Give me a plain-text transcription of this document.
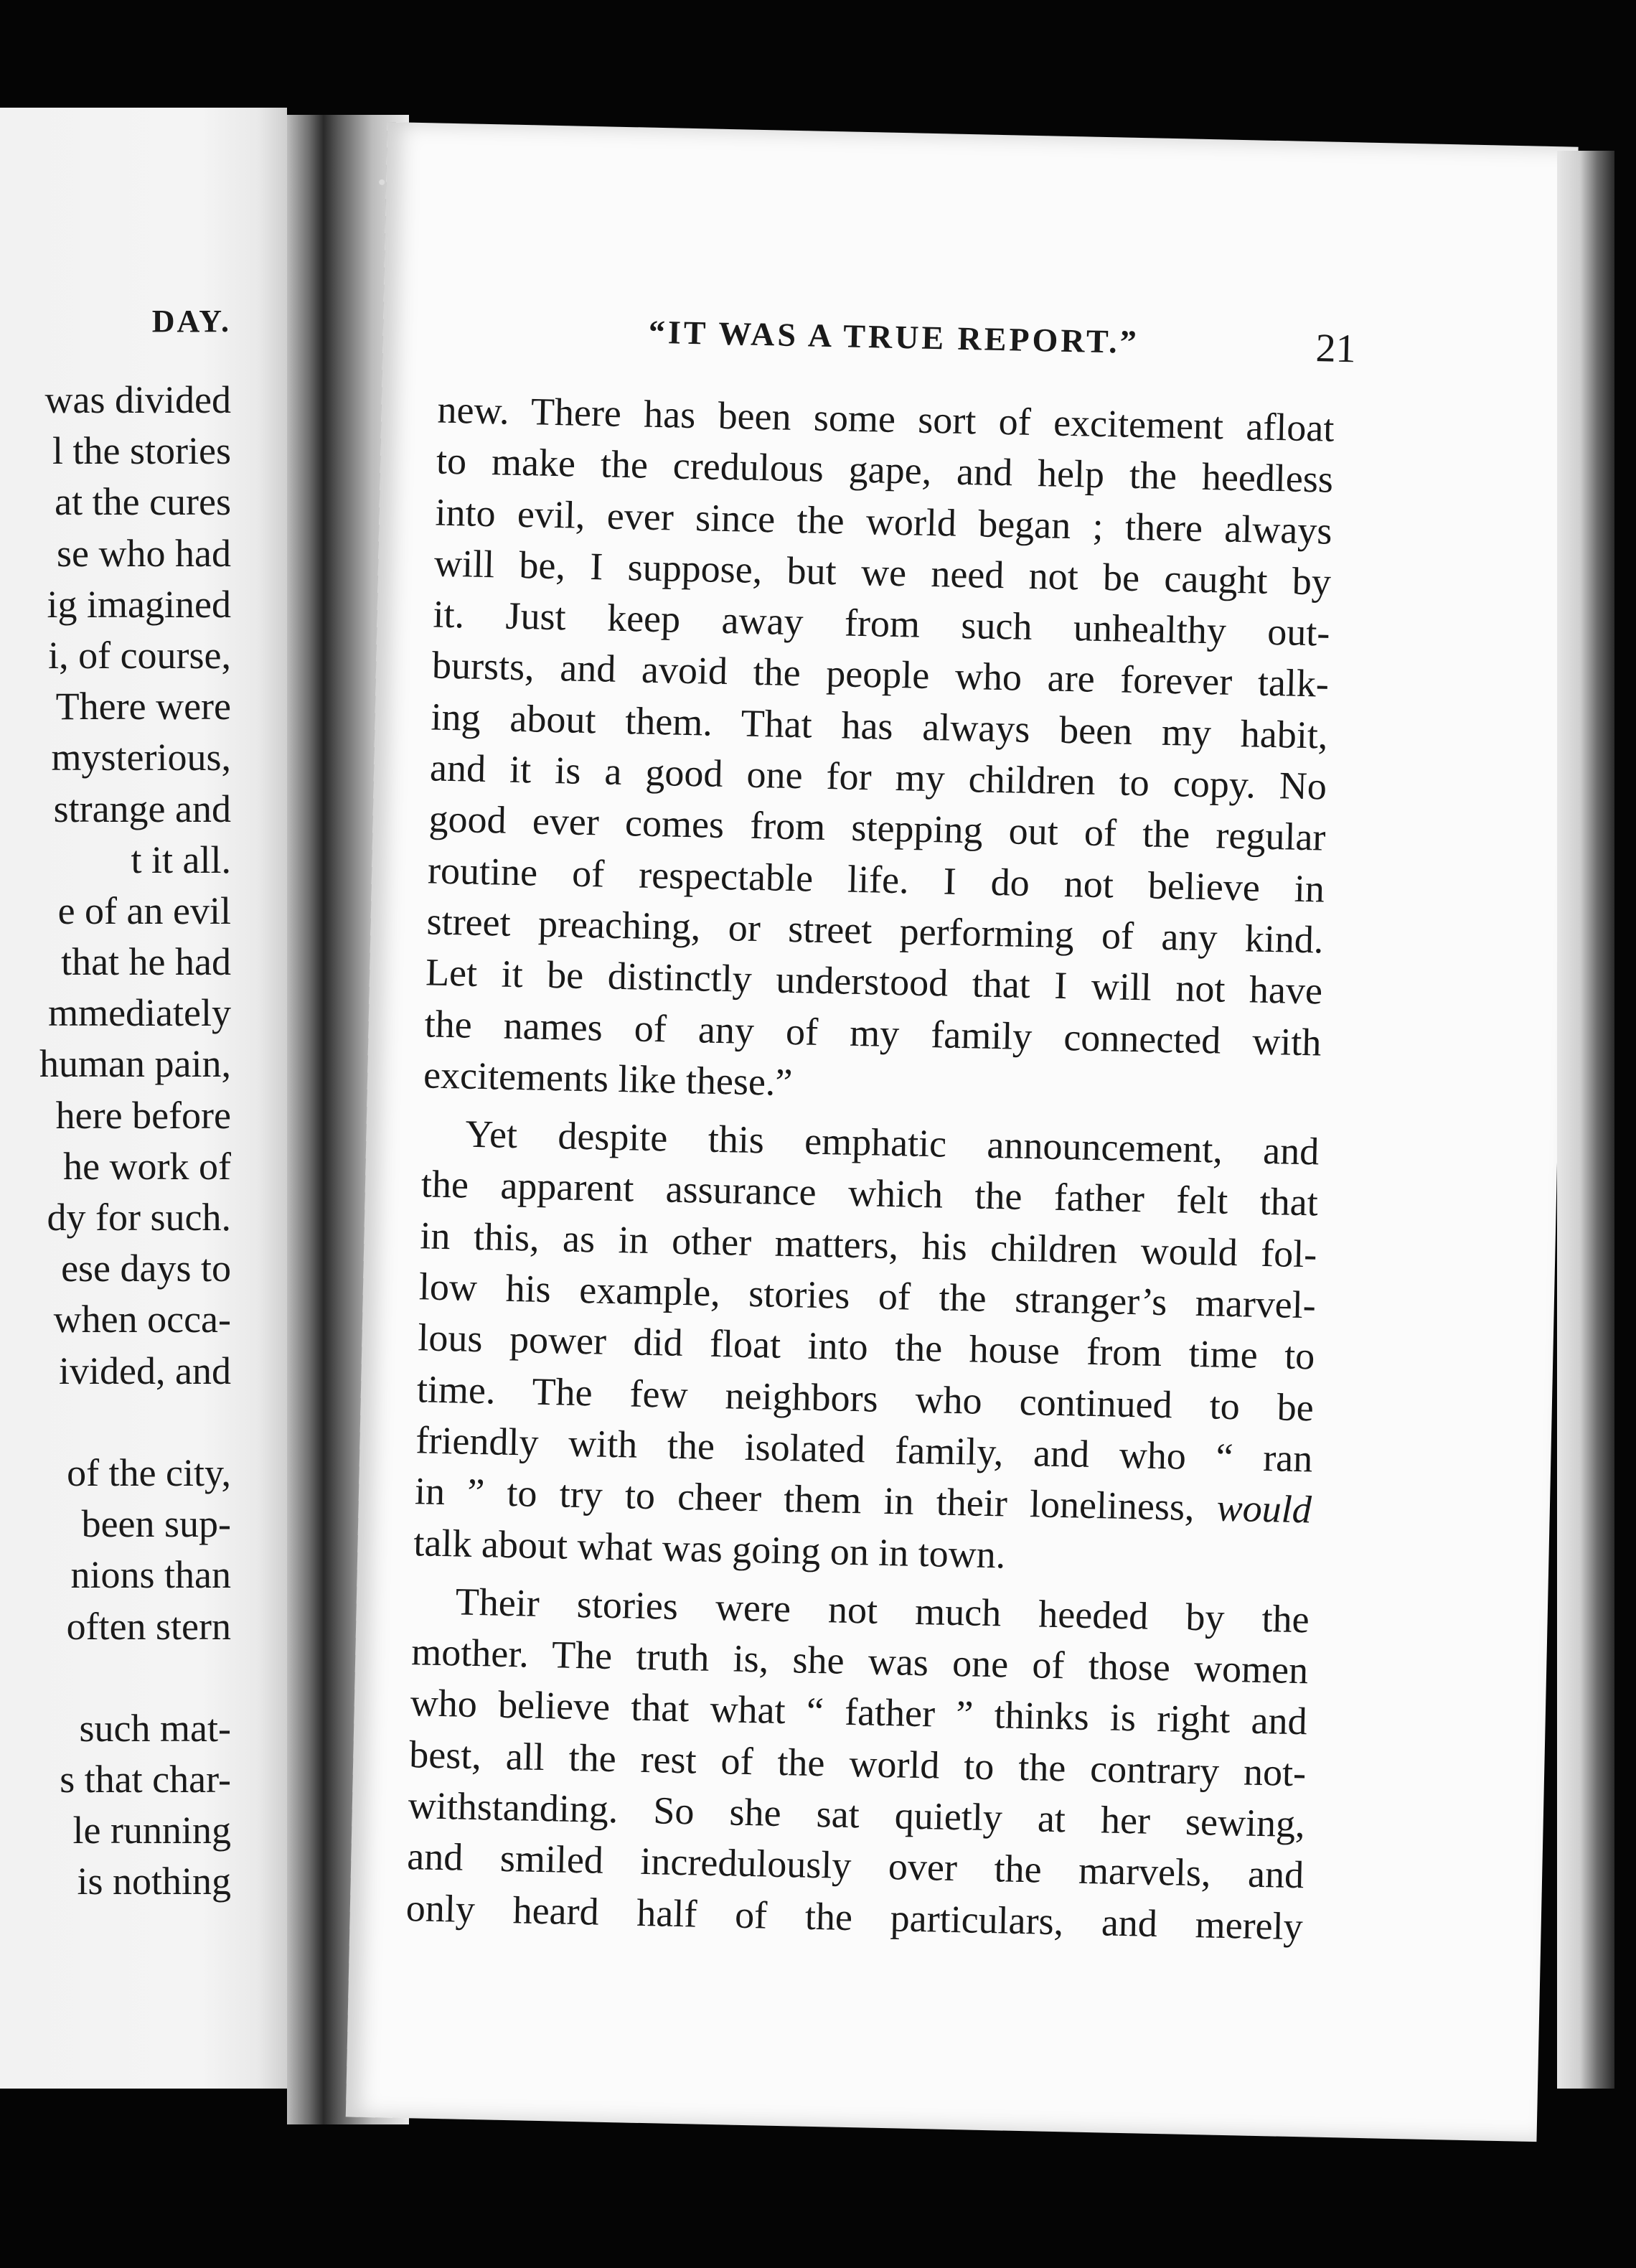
DAY.
was divided
l the stories
at the cures
se who had
ig imagined
i, of course,
There were
mysterious,
strange and
t it all.
e of an evil
that he had
mmediately
human pain,
here before
he work of
dy for such.
ese days to
when occa-
ivided, and
of the city,
been sup-
nions than
often stern
such mat-
s that char-
le running
is nothing
“IT WAS A TRUE REPORT.”	21
new. There has been some sort of excitement afloat
to make the credulous gape, and help the heedless
into evil, ever since the world began ; there always
will be, I suppose, but we need not be caught by
it. Just keep away from such unhealthy out-
bursts, and avoid the people who are forever talk-
ing about them. That has always been my habit,
and it is a good one for my children to copy. No
good ever comes from stepping out of the regular
routine of respectable life. I do not believe in
street preaching, or street performing of any kind.
Let it be distinctly understood that I will not have
the names of any of my family connected with
excitements like these.”
Yet despite this emphatic announcement, and
the apparent assurance which the father felt that
in this, as in other matters, his children would fol-
low his example, stories of the stranger’s marvel-
lous power did float into the house from time to
time. The few neighbors who continued to be
friendly with the isolated family, and who “ ran
in ” to try to cheer them in their loneliness, would
talk about what was going on in town.
Their stories were not much heeded by the
mother. The truth is, she was one of those women
who believe that what “ father ” thinks is right and
best, all the rest of the world to the contrary not-
withstanding. So she sat quietly at her sewing,
and smiled incredulously over the marvels, and
only heard half of the particulars, and merely
